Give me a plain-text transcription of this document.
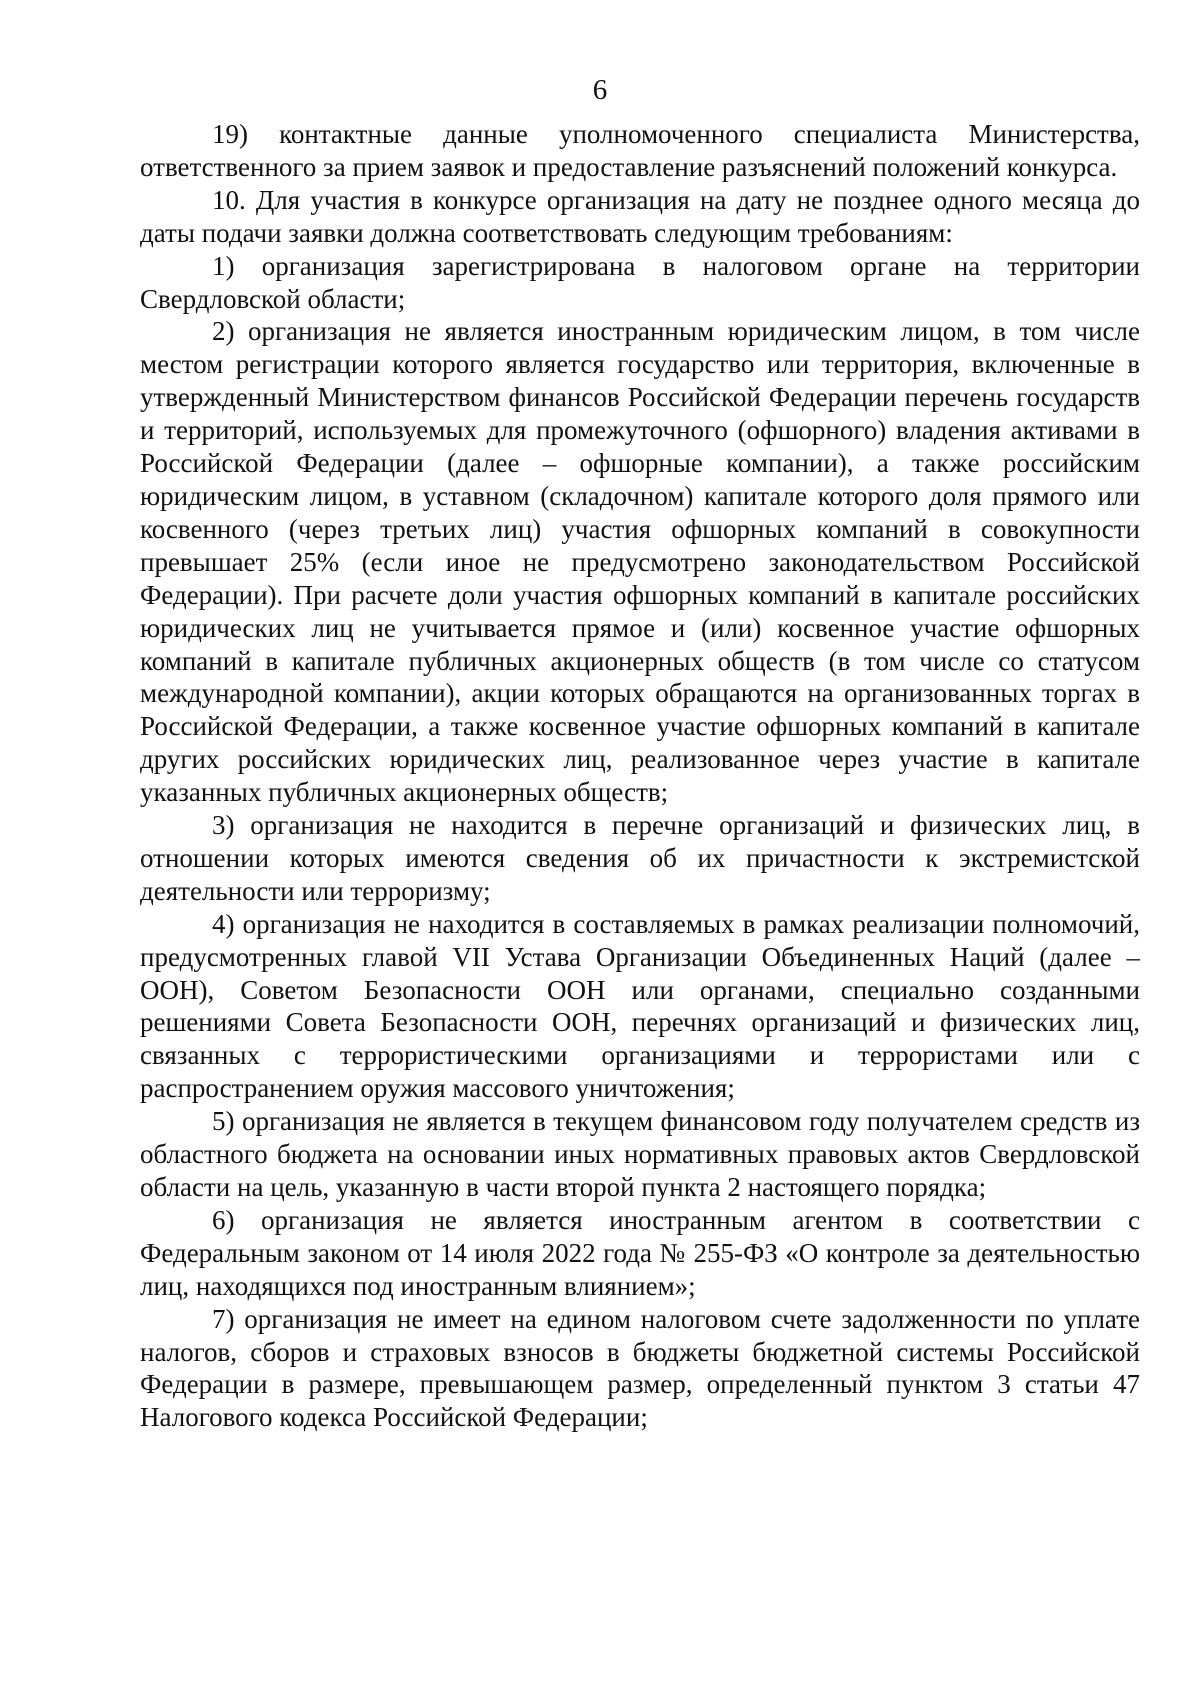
6

19) контактные данные уполномоченного специалиста Министерства, ответственного за прием заявок и предоставление разъяснений положений конкурса.

10. Для участия в конкурсе организация на дату не позднее одного месяца до даты подачи заявки должна соответствовать следующим требованиям:

1) организация зарегистрирована в налоговом органе на территории Свердловской области;

2) организация не является иностранным юридическим лицом, в том числе местом регистрации которого является государство или территория, включенные в утвержденный Министерством финансов Российской Федерации перечень государств и территорий, используемых для промежуточного (офшорного) владения активами в Российской Федерации (далее – офшорные компании), а также российским юридическим лицом, в уставном (складочном) капитале которого доля прямого или косвенного (через третьих лиц) участия офшорных компаний в совокупности превышает 25% (если иное не предусмотрено законодательством Российской Федерации). При расчете доли участия офшорных компаний в капитале российских юридических лиц не учитывается прямое и (или) косвенное участие офшорных компаний в капитале публичных акционерных обществ (в том числе со статусом международной компании), акции которых обращаются на организованных торгах в Российской Федерации, а также косвенное участие офшорных компаний в капитале других российских юридических лиц, реализованное через участие в капитале указанных публичных акционерных обществ;

3) организация не находится в перечне организаций и физических лиц, в отношении которых имеются сведения об их причастности к экстремистской деятельности или терроризму;

4) организация не находится в составляемых в рамках реализации полномочий, предусмотренных главой VII Устава Организации Объединенных Наций (далее – ООН), Советом Безопасности ООН или органами, специально созданными решениями Совета Безопасности ООН, перечнях организаций и физических лиц, связанных с террористическими организациями и террористами или с распространением оружия массового уничтожения;

5) организация не является в текущем финансовом году получателем средств из областного бюджета на основании иных нормативных правовых актов Свердловской области на цель, указанную в части второй пункта 2 настоящего порядка;

6) организация не является иностранным агентом в соответствии с Федеральным законом от 14 июля 2022 года № 255-ФЗ «О контроле за деятельностью лиц, находящихся под иностранным влиянием»;

7) организация не имеет на едином налоговом счете задолженности по уплате налогов, сборов и страховых взносов в бюджеты бюджетной системы Российской Федерации в размере, превышающем размер, определенный пунктом 3 статьи 47 Налогового кодекса Российской Федерации;
